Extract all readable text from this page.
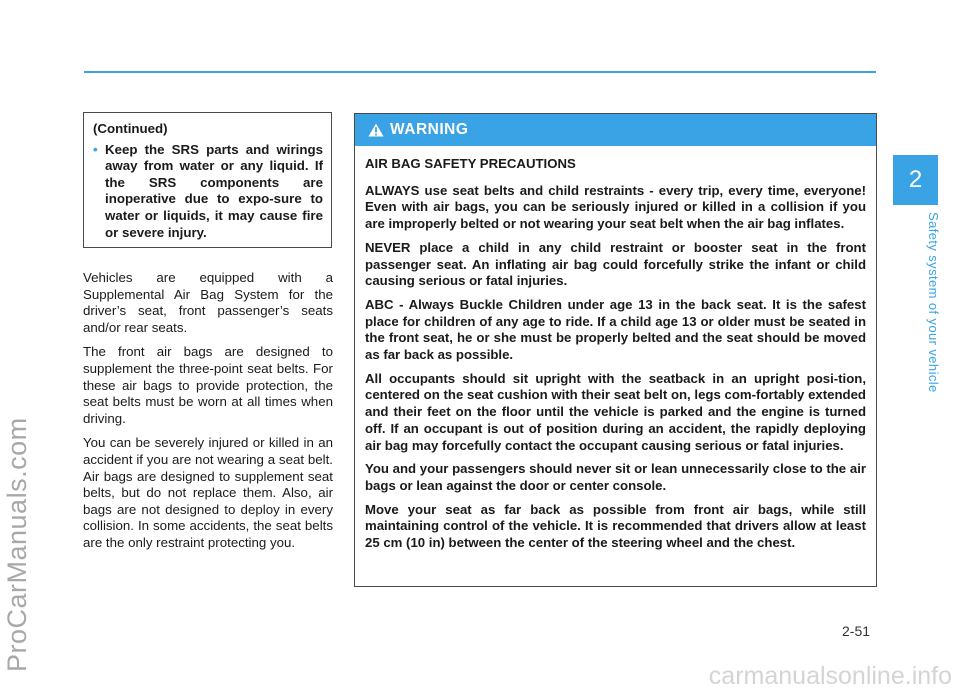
ProCarManuals.com
2
Safety system of your vehicle
(Continued)
• Keep the SRS parts and wirings away from water or any liquid. If the SRS components are inoperative due to expo-sure to water or liquids, it may cause fire or severe injury.

Vehicles are equipped with a Supplemental Air Bag System for the driver’s seat, front passenger’s seats and/or rear seats.

The front air bags are designed to supplement the three-point seat belts. For these air bags to provide protection, the seat belts must be worn at all times when driving.

You can be severely injured or killed in an accident if you are not wearing a seat belt. Air bags are designed to supplement seat belts, but do not replace them. Also, air bags are not designed to deploy in every collision. In some accidents, the seat belts are the only restraint protecting you.

WARNING

AIR BAG SAFETY PRECAUTIONS

ALWAYS use seat belts and child restraints - every trip, every time, everyone! Even with air bags, you can be seriously injured or killed in a collision if you are improperly belted or not wearing your seat belt when the air bag inflates.

NEVER place a child in any child restraint or booster seat in the front passenger seat. An inflating air bag could forcefully strike the infant or child causing serious or fatal injuries.

ABC - Always Buckle Children under age 13 in the back seat. It is the safest place for children of any age to ride. If a child age 13 or older must be seated in the front seat, he or she must be properly belted and the seat should be moved as far back as possible.

All occupants should sit upright with the seatback in an upright posi-tion, centered on the seat cushion with their seat belt on, legs com-fortably extended and their feet on the floor until the vehicle is parked and the engine is turned off. If an occupant is out of position during an accident, the rapidly deploying air bag may forcefully contact the occupant causing serious or fatal injuries.

You and your passengers should never sit or lean unnecessarily close to the air bags or lean against the door or center console.

Move your seat as far back as possible from front air bags, while still maintaining control of the vehicle. It is recommended that drivers allow at least 25 cm (10 in) between the center of the steering wheel and the chest.

2-51
carmanualsonline.info
